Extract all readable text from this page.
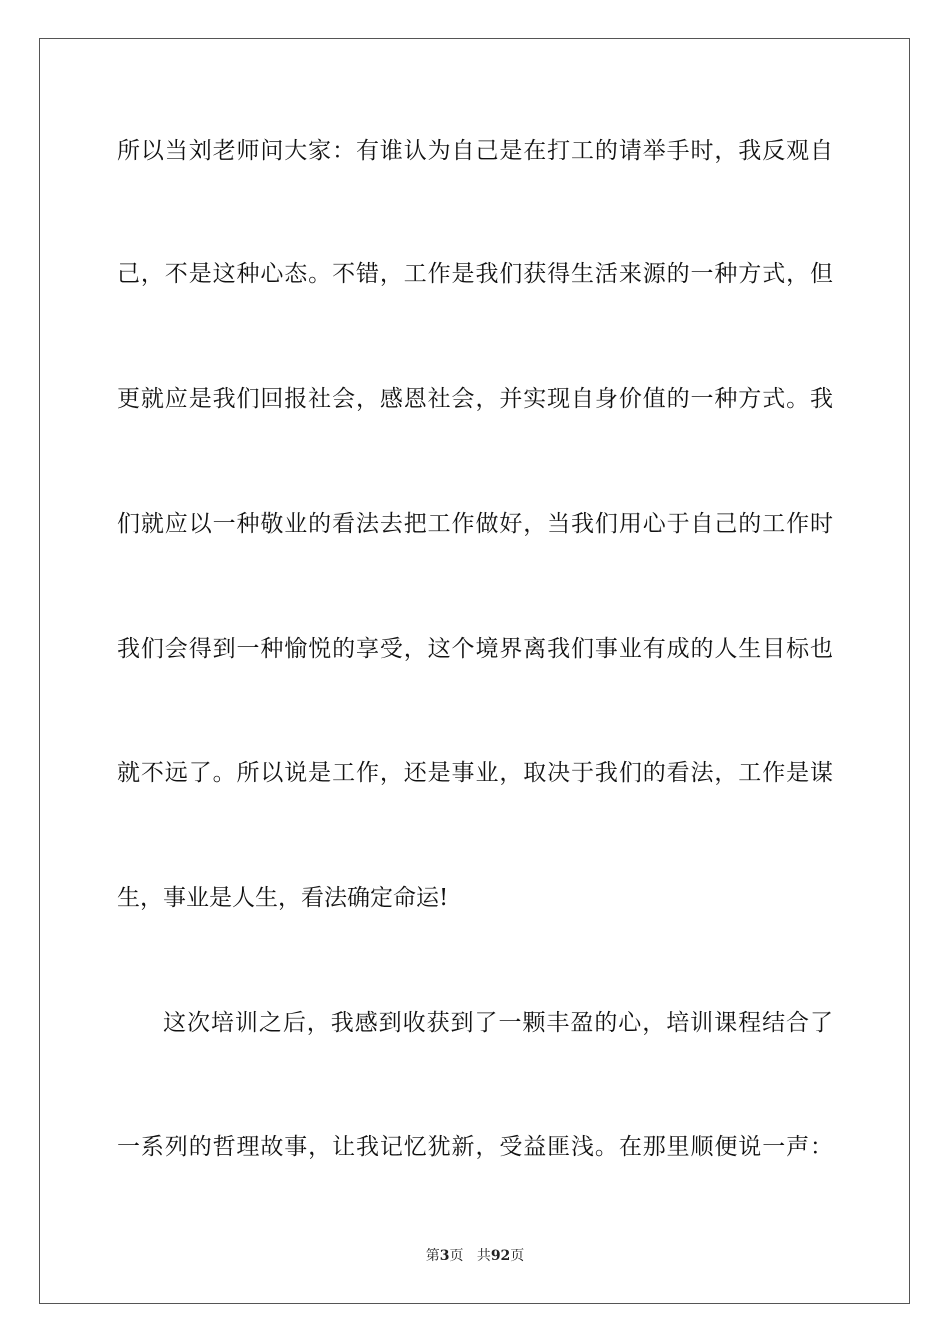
所以当刘老师问大家：有谁认为自己是在打工的请举手时，我反观自
己，不是这种心态。不错，工作是我们获得生活来源的一种方式，但
更就应是我们回报社会，感恩社会，并实现自身价值的一种方式。我
们就应以一种敬业的看法去把工作做好，当我们用心于自己的工作时
我们会得到一种愉悦的享受，这个境界离我们事业有成的人生目标也
就不远了。所以说是工作，还是事业，取决于我们的看法，工作是谋
生，事业是人生，看法确定命运!
这次培训之后，我感到收获到了一颗丰盈的心，培训课程结合了
一系列的哲理故事，让我记忆犹新，受益匪浅。在那里顺便说一声：
第3页 共92页
